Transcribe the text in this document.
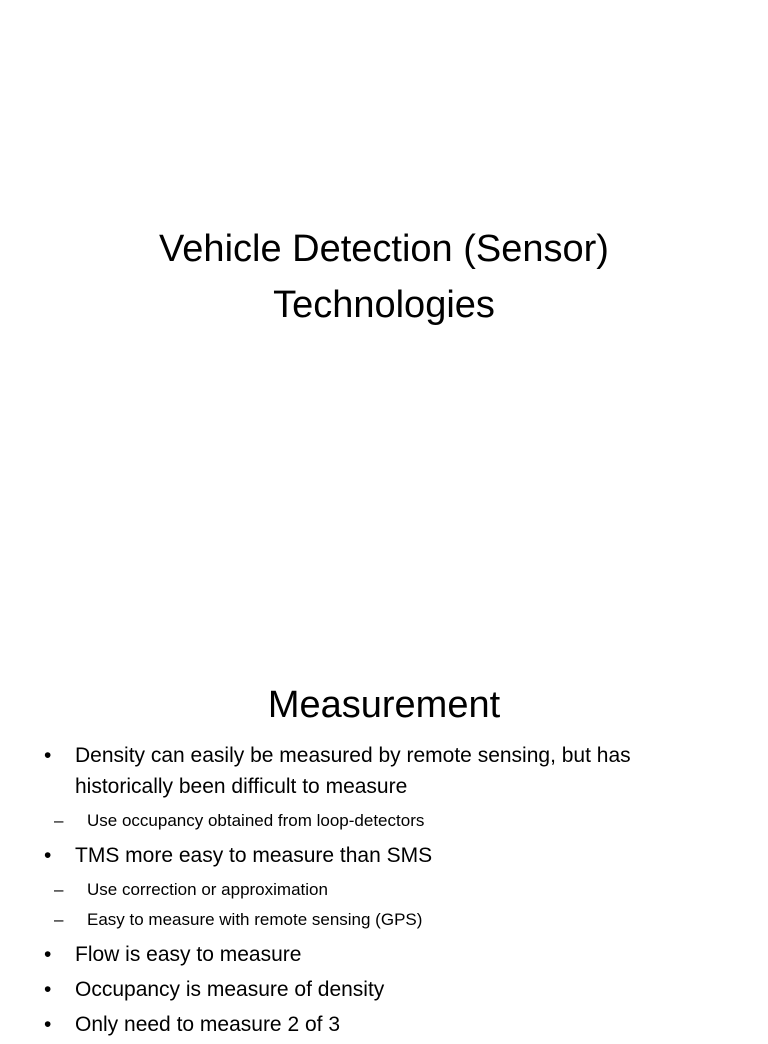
Vehicle Detection (Sensor)
Technologies
Measurement
• Density can easily be measured by remote sensing, but has historically been difficult to measure
– Use occupancy obtained from loop-detectors
• TMS more easy to measure than SMS
– Use correction or approximation
– Easy to measure with remote sensing (GPS)
• Flow is easy to measure
• Occupancy is measure of density
• Only need to measure 2 of 3
